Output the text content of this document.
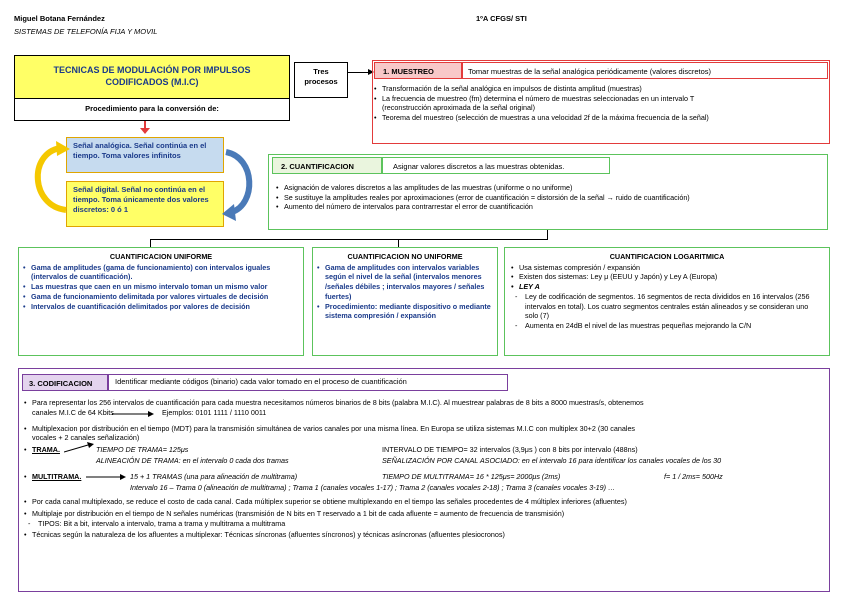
Miguel Botana Fernández
SISTEMAS DE TELEFONÍA FIJA Y MOVIL
1ºA CFGS/ STI
TECNICAS DE MODULACIÓN POR IMPULSOS
CODIFICADOS (M.I.C)
Procedimiento para la conversión de:
Tres
procesos
Señal analógica. Señal continúa en el tiempo. Toma valores infinitos
Señal digital. Señal no continúa en el tiempo. Toma únicamente dos valores discretos: 0 ó 1
1. MUESTREO	Tomar muestras de la señal analógica periódicamente (valores discretos)
• Transformación de la señal analógica en impulsos de distinta amplitud (muestras)
• La frecuencia de muestreo (fm) determina el número de muestras seleccionadas en un intervalo T
(reconstrucción aproximada de la señal original)
• Teorema del muestreo (selección de muestras a una velocidad 2f de la máxima frecuencia de la señal)
2. CUANTIFICACION	Asignar valores discretos a las muestras obtenidas.
• Asignación de valores discretos a las amplitudes de las muestras (uniforme o no uniforme)
• Se sustituye la amplitudes reales por aproximaciones (error de cuantificación = distorsión de la señal → ruido de cuantificación)
• Aumento del número de intervalos para contrarrestar el error de cuantificación
CUANTIFICACION UNIFORME
• Gama de amplitudes (gama de funcionamiento) con intervalos iguales (intervalos de cuantificación).
• Las muestras que caen en un mismo intervalo toman un mismo valor
• Gama de funcionamiento delimitada por valores virtuales de decisión
• Intervalos de cuantificación delimitados por valores de decisión
CUANTIFICACION NO UNIFORME
• Gama de amplitudes con intervalos variables según el nivel de la señal (intervalos menores /señales débiles ; intervalos mayores / señales fuertes)
• Procedimiento: mediante dispositivo o mediante sistema compresión / expansión
CUANTIFICACION LOGARITMICA
• Usa sistemas compresión / expansión
• Existen dos sistemas: Ley μ (EEUU y Japón) y Ley A (Europa)
• LEY A
- Ley de codificación de segmentos. 16 segmentos de recta divididos en 16 intervalos (256 intervalos en total). Los cuatro segmentos centrales están alineados y se consideran uno solo (7)
- Aumenta en 24dB el nivel de las muestras pequeñas mejorando la C/N
3. CODIFICACION	Identificar mediante códigos (binario) cada valor tomado en el proceso de cuantificación
• Para representar los 256 intervalos de cuantificación para cada muestra necesitamos números binarios de 8 bits (palabra M.I.C). Al muestrear palabras de 8 bits a 8000 muestras/s, obtenemos
canales M.I.C de 64 Kbits	Ejemplos: 0101 1111 / 1110 0011
• Multiplexacion por distribución en el tiempo (MDT) para la transmisión simultánea de varios canales por una misma línea. En Europa se utiliza sistemas M.I.C con multiplex 30+2 (30 canales
vocales + 2 canales señalización)
• TRAMA.	TIEMPO DE TRAMA= 125μs	INTERVALO DE TIEMPO= 32 intervalos (3,9μs ) con 8 bits por intervalo (488ns)
ALINEACIÓN DE TRAMA: en el intervalo 0 cada dos tramas	SEÑALIZACIÓN POR CANAL ASOCIADO: en el intervalo 16 para identificar los canales vocales de los 30
• MULTITRAMA.	15 + 1 TRAMAS (una para alineación de multitrama)	TIEMPO DE MULTITRAMA= 16 * 125μs= 2000μs (2ms)	f= 1 / 2ms= 500Hz
Intervalo 16 – Trama 0 (alineación de multitrama) ; Trama 1 (canales vocales 1-17) ; Trama 2 (canales vocales 2-18) ; Trama 3 (canales vocales 3-19) …
• Por cada canal multiplexado, se reduce el costo de cada canal. Cada múltiplex superior se obtiene multiplexando en el tiempo las señales procedentes de 4 múltiplex inferiores (afluentes)
• Multiplaje por distribución en el tiempo de N señales numéricas (transmisión de N bits en T reservado a 1 bit de cada afluente = aumento de frecuencia de transmisión)
- TIPOS: Bit a bit, intervalo a intervalo, trama a trama y multitrama a multitrama
• Técnicas según la naturaleza de los afluentes a multiplexar: Técnicas síncronas (afluentes síncronos) y técnicas asíncronas (afluentes plesiocronos)
